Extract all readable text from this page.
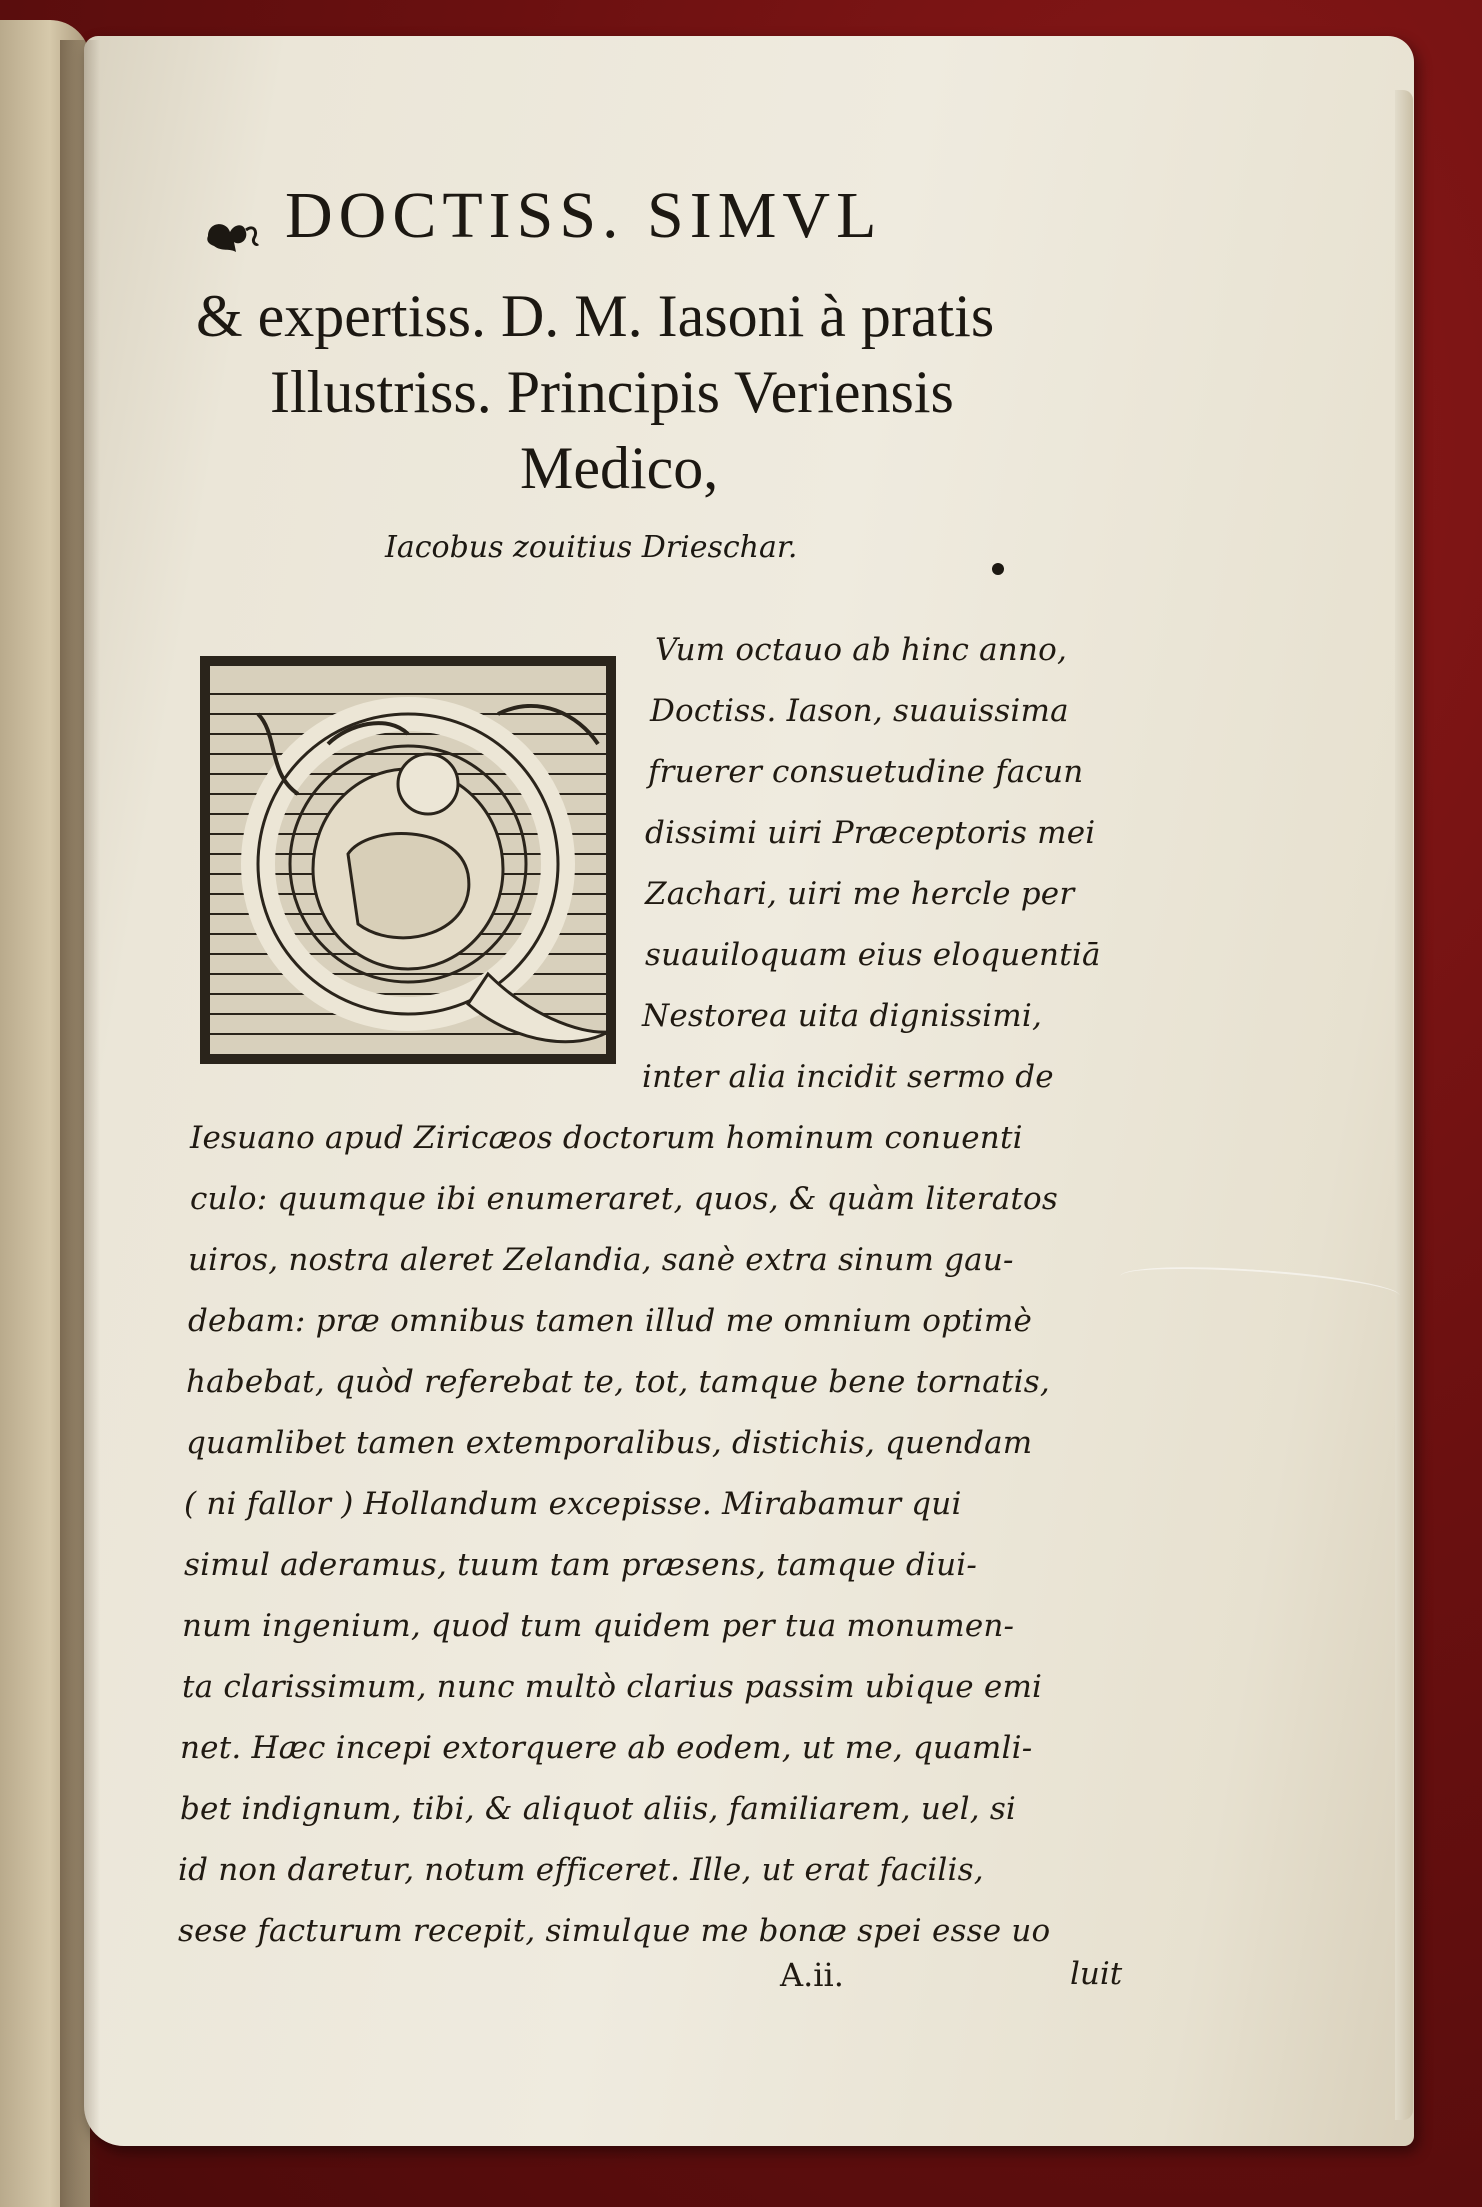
DOCTISS. SIMVL
& expertiss. D. M. Iasoni à pratis
Illustriss. Principis Veriensis
Medico,
Iacobus zouitius Drieschar.
Vum octauo ab hinc anno,
Doctiss. Iason, suauissima
fruerer consuetudine facun
dissimi uiri Præceptoris mei
Zachari, uiri me hercle per
suauiloquam eius eloquentiā
Nestorea uita dignissimi,
inter alia incidit sermo de
Iesuano apud Ziricæos doctorum hominum conuenti
culo: quumque ibi enumeraret, quos, & quàm literatos
uiros, nostra aleret Zelandia, sanè extra sinum gau-
debam: præ omnibus tamen illud me omnium optimè
habebat, quòd referebat te, tot, tamque bene tornatis,
quamlibet tamen extemporalibus, distichis, quendam
( ni fallor ) Hollandum excepisse. Mirabamur qui
simul aderamus, tuum tam præsens, tamque diui-
num ingenium, quod tum quidem per tua monumen-
ta clarissimum, nunc multò clarius passim ubique emi
net. Hæc incepi extorquere ab eodem, ut me, quamli-
bet indignum, tibi, & aliquot aliis, familiarem, uel, si
id non daretur, notum efficeret. Ille, ut erat facilis,
sese facturum recepit, simulque me bonæ spei esse uo
A.ii.	luit
